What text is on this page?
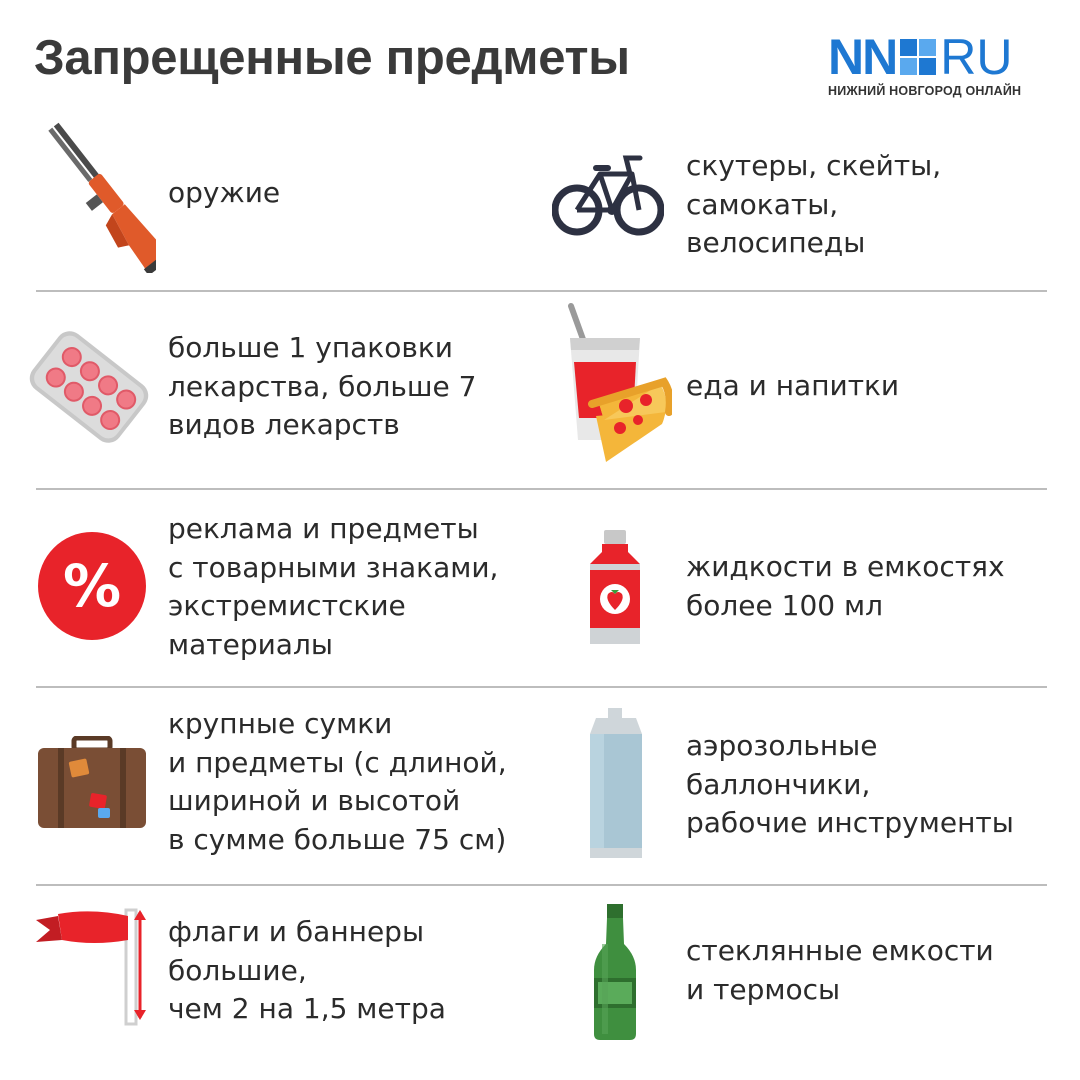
Запрещенные предметы	NN RU
НИЖНИЙ НОВГОРОД ОНЛАЙН
оружие
скутеры, скейты,
самокаты,
велосипеды
больше 1 упаковки
лекарства, больше 7
видов лекарств
еда и напитки
%
реклама и предметы
с товарными знаками,
экстремистские
материалы
жидкости в емкостях
более 100 мл
крупные сумки
и предметы (с длиной,
шириной и высотой
в сумме больше 75 см)
аэрозольные
баллончики,
рабочие инструменты
флаги и баннеры
большие,
чем 2 на 1,5 метра
стеклянные емкости
и термосы
